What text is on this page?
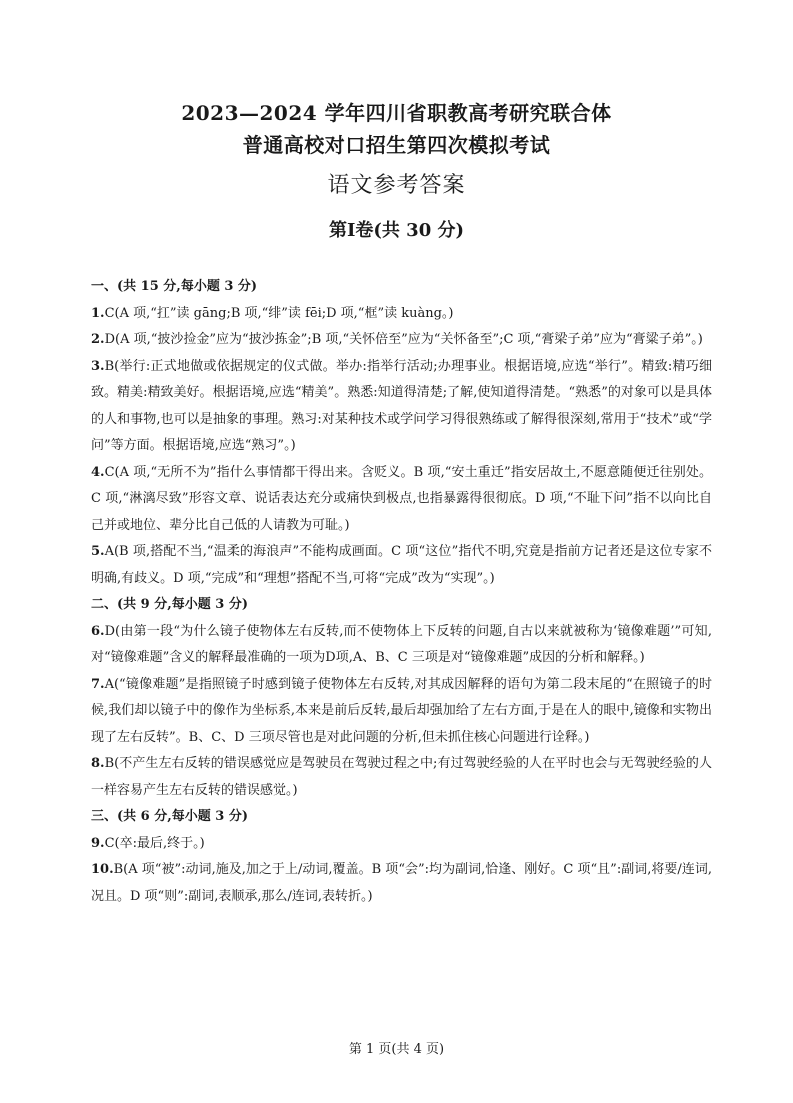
2023—2024 学年四川省职教高考研究联合体
普通高校对口招生第四次模拟考试
语文参考答案
第Ⅰ卷(共 30 分)

一、(共 15 分,每小题 3 分)

1.C(A 项,“扛”读 gāng;B 项,“绯”读 fēi;D 项,“框”读 kuàng。)

2.D(A 项,“披沙捡金”应为“披沙拣金”;B 项,“关怀倍至”应为“关怀备至”;C 项,“膏梁子弟”应为“膏粱子弟”。)

3.B(举行:正式地做或依据规定的仪式做。举办:指举行活动;办理事业。根据语境,应选“举行”。精致:精巧细致。精美:精致美好。根据语境,应选“精美”。熟悉:知道得清楚;了解,使知道得清楚。“熟悉”的对象可以是具体的人和事物,也可以是抽象的事理。熟习:对某种技术或学问学习得很熟练或了解得很深刻,常用于“技术”或“学问”等方面。根据语境,应选“熟习”。)

4.C(A 项,“无所不为”指什么事情都干得出来。含贬义。B 项,“安土重迁”指安居故土,不愿意随便迁往别处。C 项,“淋漓尽致”形容文章、说话表达充分或痛快到极点,也指暴露得很彻底。D 项,“不耻下问”指不以向比自己并或地位、辈分比自己低的人请教为可耻。)

5.A(B 项,搭配不当,“温柔的海浪声”不能构成画面。C 项“这位”指代不明,究竟是指前方记者还是这位专家不明确,有歧义。D 项,“完成”和“理想”搭配不当,可将“完成”改为“实现”。)

二、(共 9 分,每小题 3 分)

6.D(由第一段“为什么镜子使物体左右反转,而不使物体上下反转的问题,自古以来就被称为‘镜像难题’”可知,对“镜像难题”含义的解释最准确的一项为D项,A、B、C 三项是对“镜像难题”成因的分析和解释。)

7.A(“镜像难题”是指照镜子时感到镜子使物体左右反转,对其成因解释的语句为第二段末尾的“在照镜子的时候,我们却以镜子中的像作为坐标系,本来是前后反转,最后却强加给了左右方面,于是在人的眼中,镜像和实物出现了左右反转”。B、C、D 三项尽管也是对此问题的分析,但未抓住核心问题进行诠释。)

8.B(不产生左右反转的错误感觉应是驾驶员在驾驶过程之中;有过驾驶经验的人在平时也会与无驾驶经验的人一样容易产生左右反转的错误感觉。)

三、(共 6 分,每小题 3 分)

9.C(卒:最后,终于。)

10.B(A 项“被”:动词,施及,加之于上/动词,覆盖。B 项“会”:均为副词,恰逢、刚好。C 项“且”:副词,将要/连词,况且。D 项“则”:副词,表顺承,那么/连词,表转折。)

第 1 页(共 4 页)
